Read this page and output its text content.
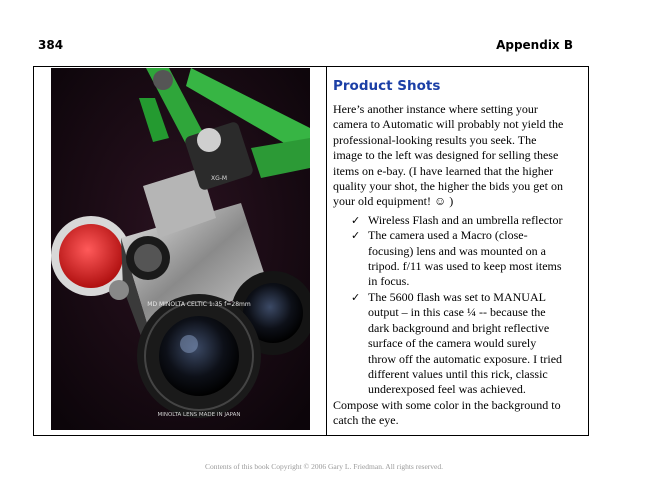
384	Appendix B
MD MINOLTA CELTIC 1:35 f=28mm
MINOLTA LENS MADE IN JAPAN
XG-M
Product Shots

Here’s another instance where setting your
camera to Automatic will probably not yield the
professional-looking results you seek. The
image to the left was designed for selling these
items on e-bay. (I have learned that the higher
quality your shot, the higher the bids you get on
your old equipment! ☺ )

✓ Wireless Flash and an umbrella reflector
✓ The camera used a Macro (close-
focusing) lens and was mounted on a
tripod. f/11 was used to keep most items
in focus.
✓ The 5600 flash was set to MANUAL
output – in this case ¼ -- because the
dark background and bright reflective
surface of the camera would surely
throw off the automatic exposure. I tried
different values until this rick, classic
underexposed feel was achieved.

Compose with some color in the background to
catch the eye.

Contents of this book Copyright © 2006 Gary L. Friedman. All rights reserved.
